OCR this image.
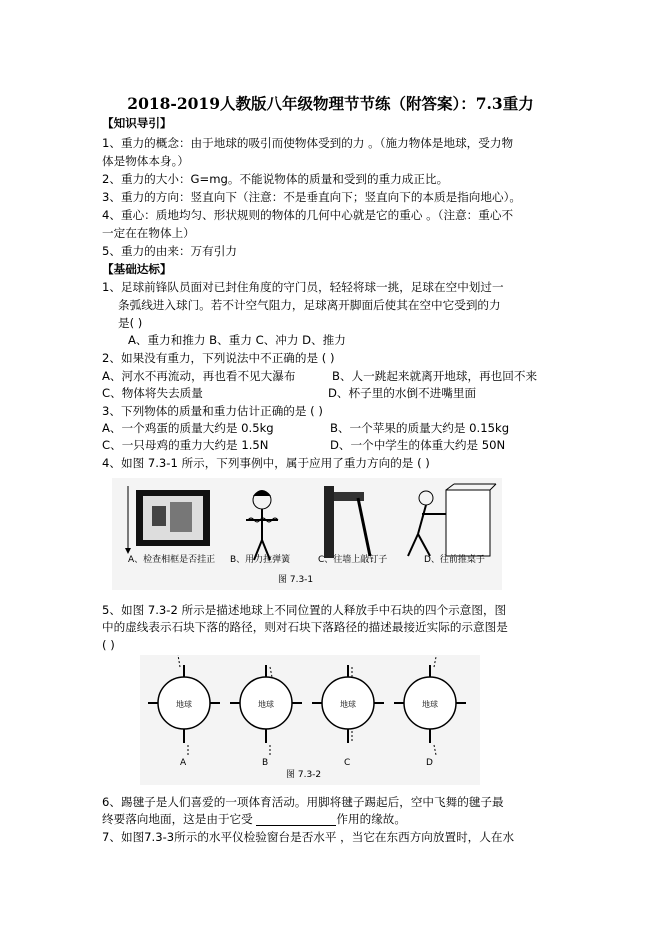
2018-2019人教版八年级物理节节练（附答案）：7.3重力
【知识导引】
1、重力的概念：由于地球的吸引而使物体受到的力 。（施力物体是地球，受力物
体是物体本身。）
2、重力的大小：G=mg。不能说物体的质量和受到的重力成正比。
3、重力的方向：竖直向下（注意：不是垂直向下；竖直向下的本质是指向地心）。
4、重心：质地均匀、形状规则的物体的几何中心就是它的重心 。（注意：重心不
一定在在物体上）
5、重力的由来：万有引力
【基础达标】
1、足球前锋队员面对已封住角度的守门员，轻轻将球一挑，足球在空中划过一
条弧线进入球门。若不计空气阻力，足球离开脚面后使其在空中它受到的力
是( )
A、重力和推力 B、重力 C、冲力 D、推力
2、如果没有重力，下列说法中不正确的是 ( )
A、河水不再流动，再也看不见大瀑布	B、人一跳起来就离开地球，再也回不来
C、物体将失去质量	D、杯子里的水倒不进嘴里面
3、下列物体的质量和重力估计正确的是 ( )
A、一个鸡蛋的质量大约是 0.5kg	B、一个苹果的质量大约是 0.15kg
C、一只母鸡的重力大约是 1.5N	D、一个中学生的体重大约是 50N
4、如图 7.3-1 所示，下列事例中，属于应用了重力方向的是 ( )
A、检查相框是否挂正 B、用力拉弹簧	C、往墙上敲钉子	D、往前推桌子
图 7.3-1
5、如图 7.3-2 所示是描述地球上不同位置的人释放手中石块的四个示意图，图
中的虚线表示石块下落的路径，则对石块下落路径的描述最接近实际的示意图是
( )
地球	地球	地球	地球
A	B	C	D
图 7.3-2
6、踢毽子是人们喜爱的一项体育活动。用脚将毽子踢起后，空中飞舞的毽子最
终要落向地面，这是由于它受	作用的缘故。
7、如图7.3-3所示的水平仪检验窗台是否水平 ，当它在东西方向放置时，人在水
